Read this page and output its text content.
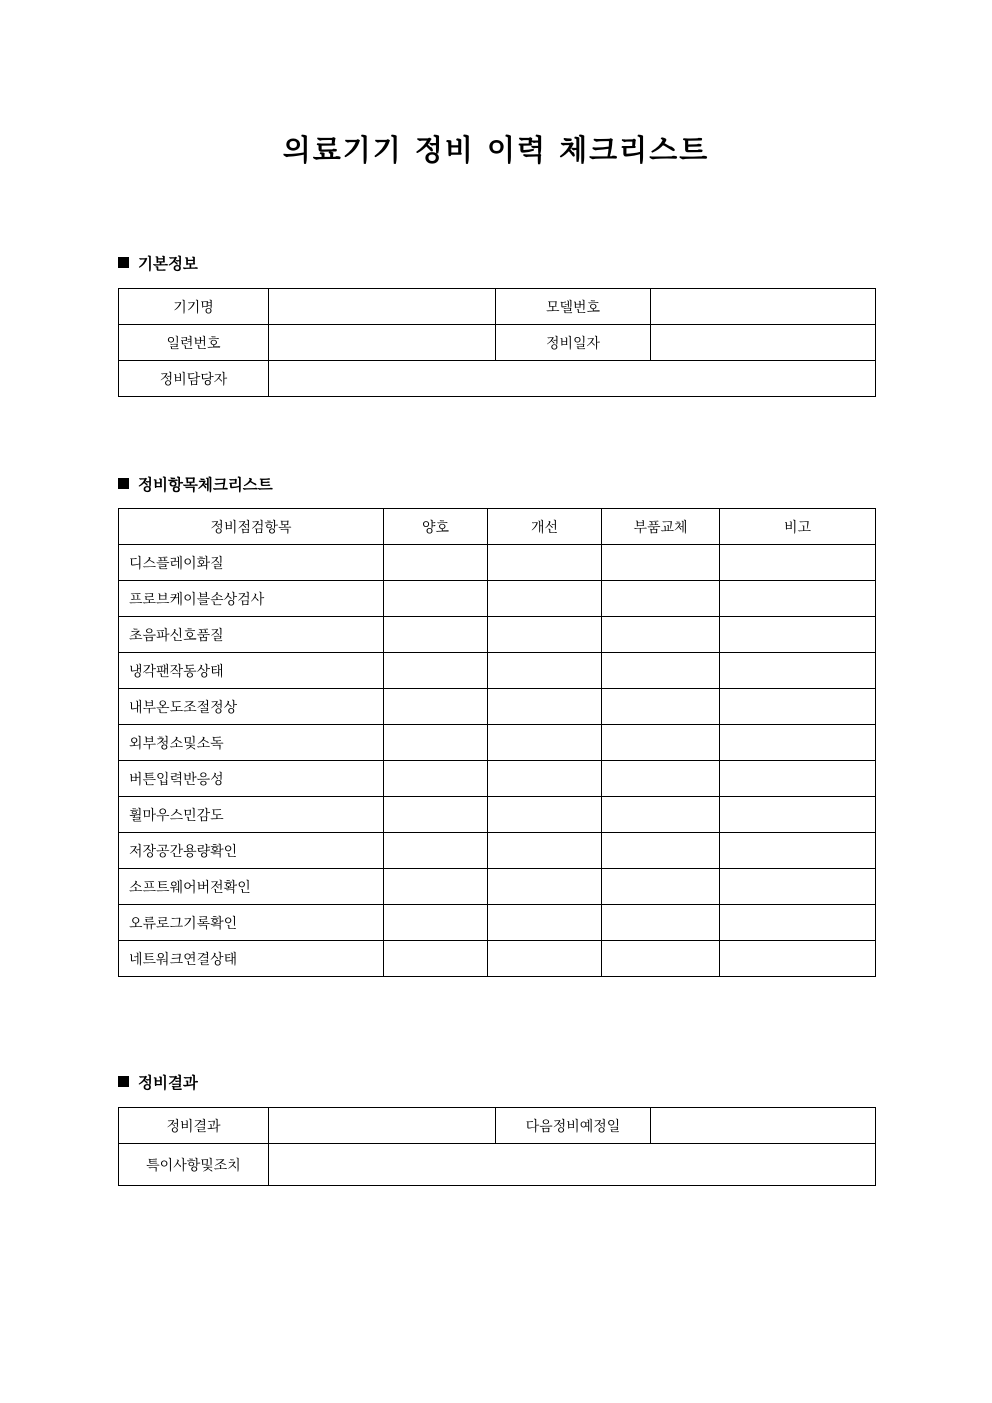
의료기기 정비 이력 체크리스트
기본정보
기기명		모델번호	
일련번호		정비일자	
정비담당자			
정비항목체크리스트
정비점검항목	양호	개선	부품교체	비고
디스플레이화질				
프로브케이블손상검사				
초음파신호품질				
냉각팬작동상태				
내부온도조절정상				
외부청소및소독				
버튼입력반응성				
휠마우스민감도				
저장공간용량확인				
소프트웨어버전확인				
오류로그기록확인				
네트워크연결상태				
정비결과
정비결과		다음정비예정일	
특이사항및조치			
